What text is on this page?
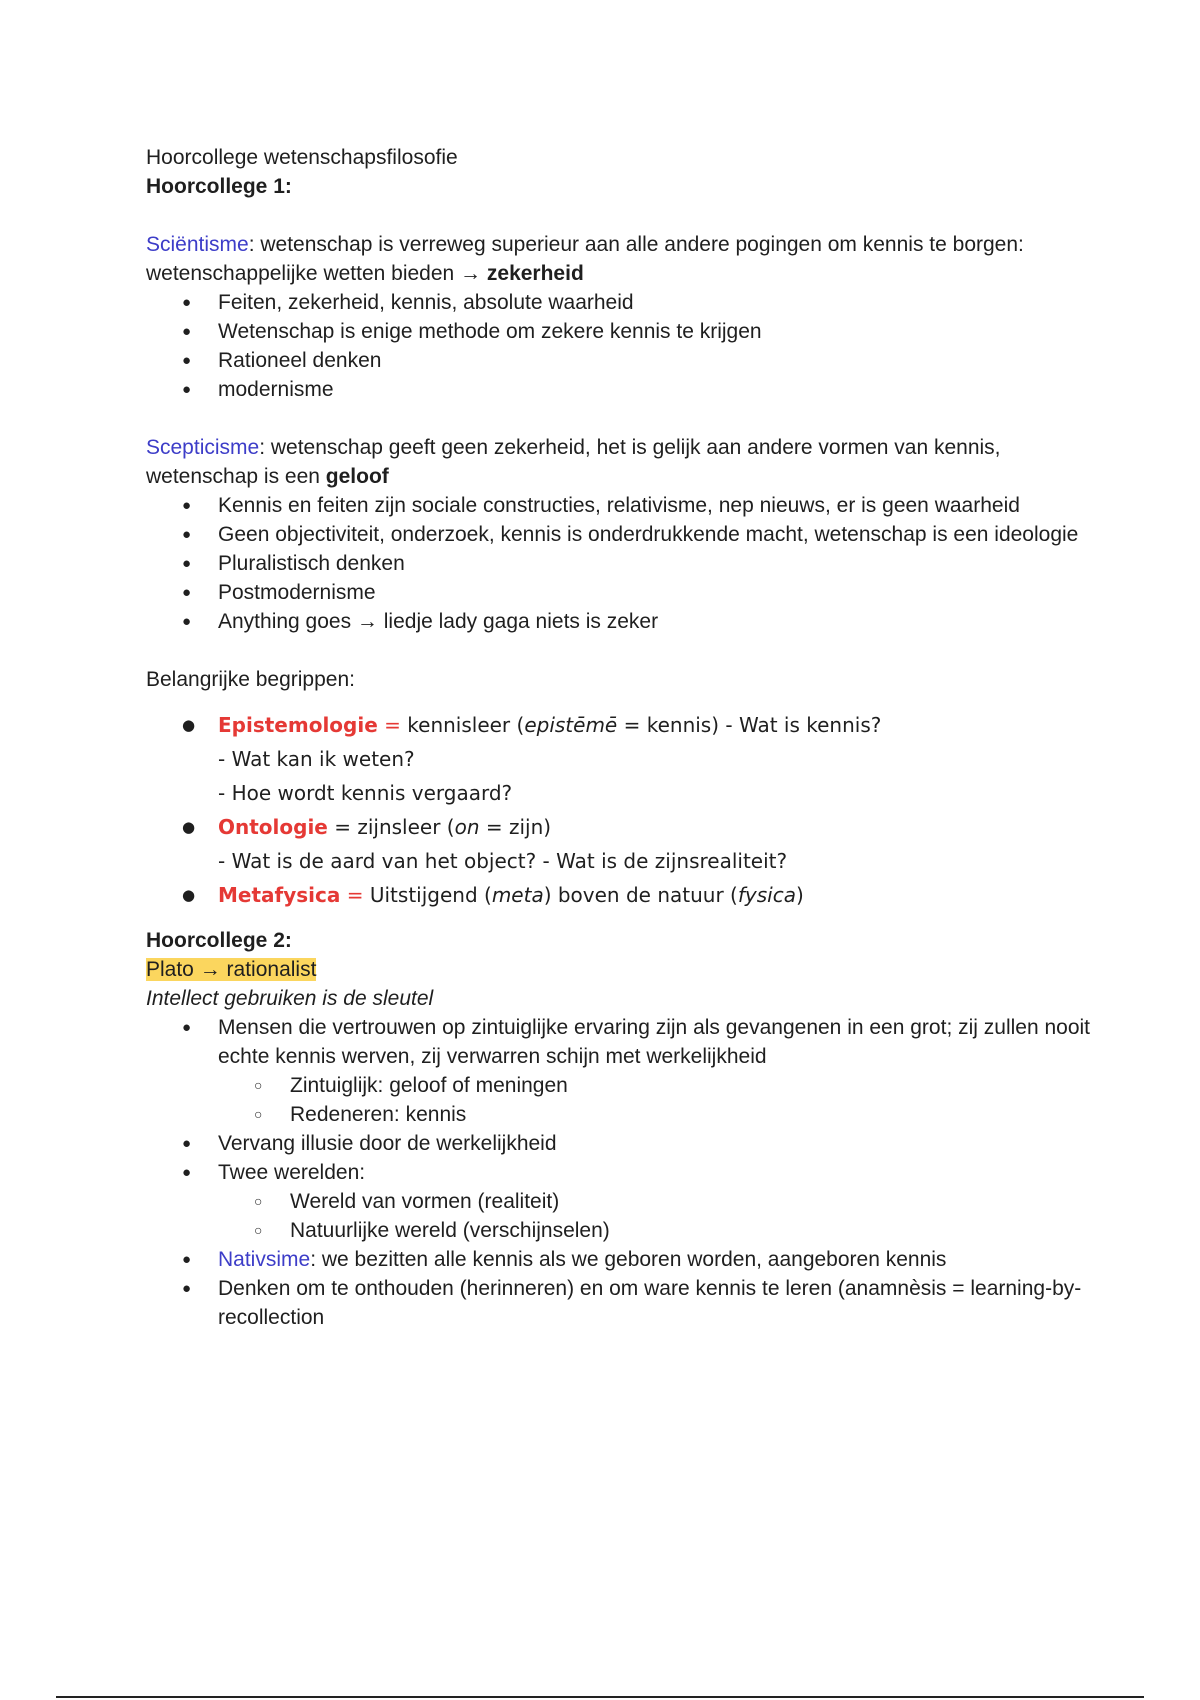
Hoorcollege wetenschapsfilosofie

Hoorcollege 1:

Sciëntisme: wetenschap is verreweg superieur aan alle andere pogingen om kennis te borgen: wetenschappelijke wetten bieden → zekerheid

● Feiten, zekerheid, kennis, absolute waarheid
● Wetenschap is enige methode om zekere kennis te krijgen
● Rationeel denken
● modernisme

Scepticisme: wetenschap geeft geen zekerheid, het is gelijk aan andere vormen van kennis, wetenschap is een geloof

● Kennis en feiten zijn sociale constructies, relativisme, nep nieuws, er is geen waarheid
● Geen objectiviteit, onderzoek, kennis is onderdrukkende macht, wetenschap is een ideologie
● Pluralistisch denken
● Postmodernisme
● Anything goes → liedje lady gaga niets is zeker

Belangrijke begrippen:

● Epistemologie = kennisleer (epistēmē = kennis) - Wat is kennis?
- Wat kan ik weten?
- Hoe wordt kennis vergaard?
● Ontologie = zijnsleer (on = zijn)
- Wat is de aard van het object? - Wat is de zijnsrealiteit?
● Metafysica = Uitstijgend (meta) boven de natuur (fysica)

Hoorcollege 2:

Plato → rationalist

Intellect gebruiken is de sleutel

● Mensen die vertrouwen op zintuiglijke ervaring zijn als gevangenen in een grot; zij zullen nooit echte kennis werven, zij verwarren schijn met werkelijkheid
○ Zintuiglijk: geloof of meningen
○ Redeneren: kennis
● Vervang illusie door de werkelijkheid
● Twee werelden:
○ Wereld van vormen (realiteit)
○ Natuurlijke wereld (verschijnselen)
● Nativsime: we bezitten alle kennis als we geboren worden, aangeboren kennis
● Denken om te onthouden (herinneren) en om ware kennis te leren (anamnèsis = learning-by-recollection
